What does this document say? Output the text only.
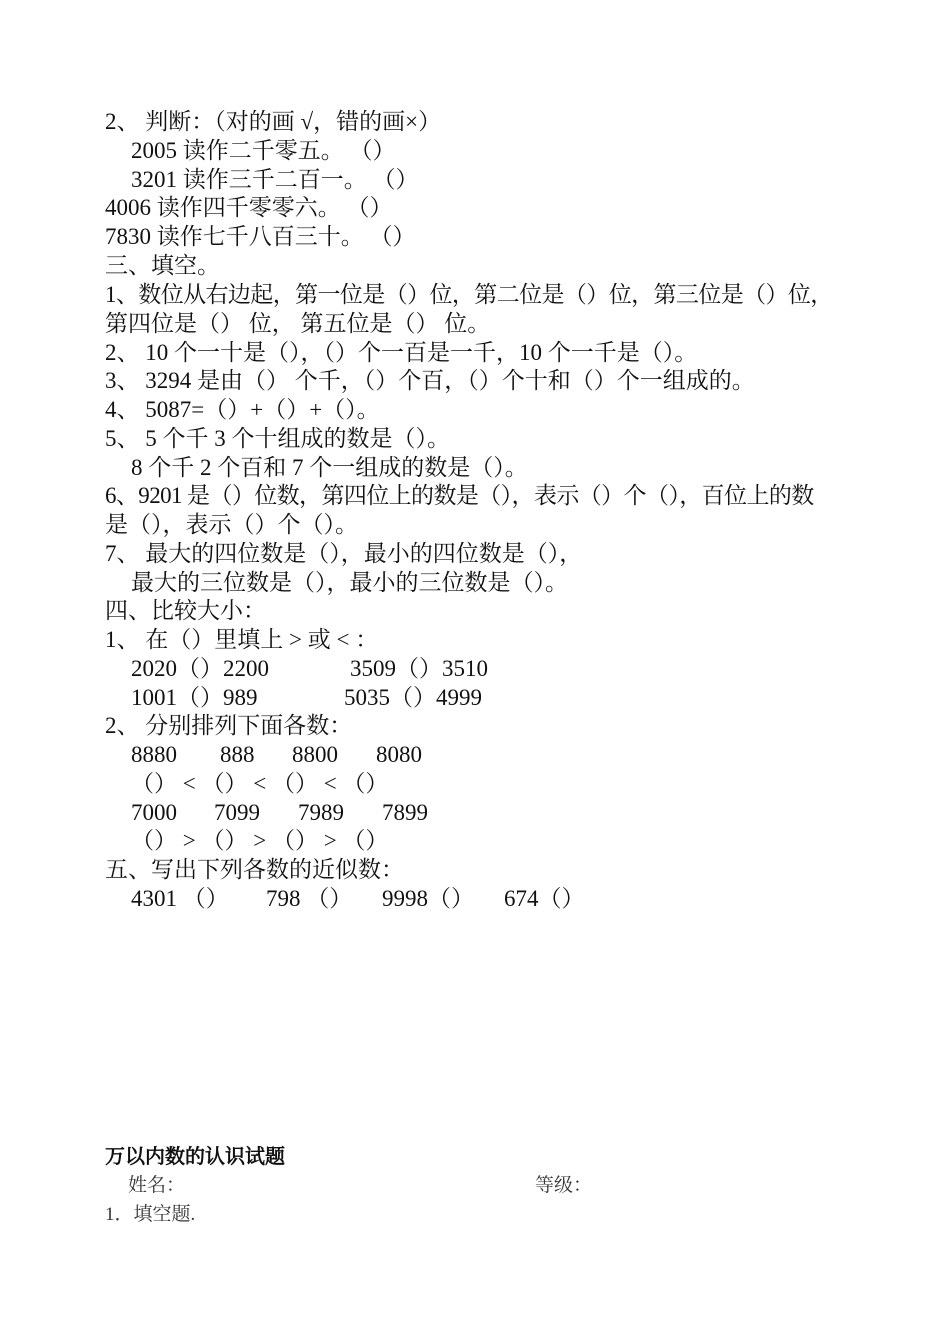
2、 判断：（对的画 √，错的画×）
2005 读作二千零五。 （）
3201 读作三千二百一。 （）
4006 读作四千零零六。 （）
7830 读作七千八百三十。 （）
三、填空。
1、数位从右边起，第一位是（）位，第二位是（）位，第三位是（）位，
第四位是（） 位， 第五位是（） 位。
2、 10 个一十是（），（）个一百是一千，10 个一千是（）。
3、 3294 是由（） 个千，（）个百，（）个十和（）个一组成的。
4、 5087=（）+（）+（）。
5、 5 个千 3 个十组成的数是（）。
8 个千 2 个百和 7 个一组成的数是（）。
6、9201 是（）位数，第四位上的数是（），表示（）个（），百位上的数
是（），表示（）个（）。
7、 最大的四位数是（），最小的四位数是（），
最大的三位数是（），最小的三位数是（）。
四、比较大小：
1、 在（）里填上 > 或 < ：
2020（）2200	3509（）3510
1001（）989	5035（）4999
2、 分别排列下面各数：
8880 888 8800 8080
（） < （） < （） < （）
7000 7099 7989 7899
（） > （） > （） > （）
五、写出下列各数的近似数：
4301 （） 798 （） 9998（） 674（）
万以内数的认识试题
姓名：	等级：
1．填空题.
